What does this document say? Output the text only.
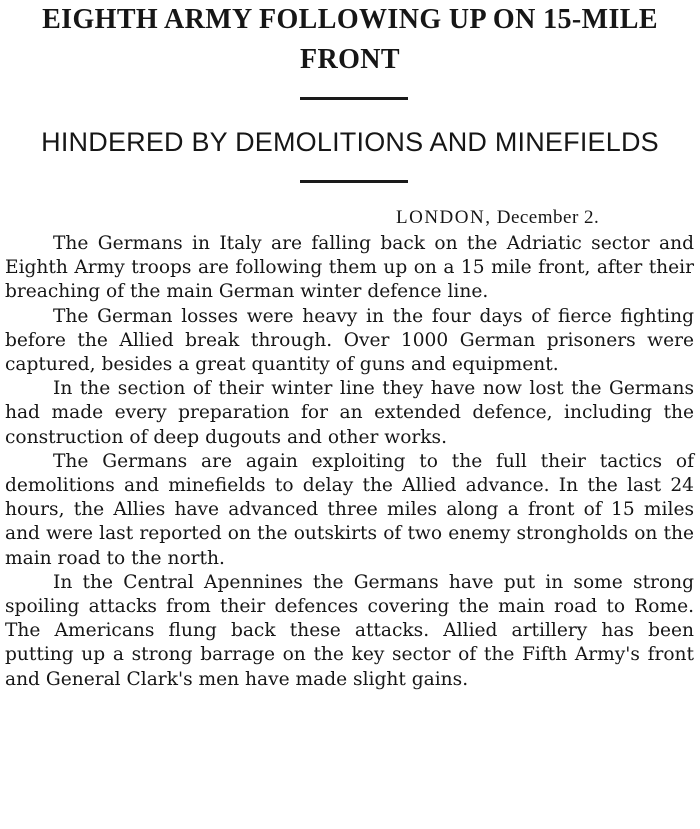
EIGHTH ARMY FOLLOWING UP ON 15-MILE FRONT
HINDERED BY DEMOLITIONS AND MINEFIELDS
LONDON, December 2.

The Germans in Italy are falling back on the Adriatic sector and Eighth Army troops are following them up on a 15 mile front, after their breaching of the main German winter defence line.

The German losses were heavy in the four days of fierce fighting before the Allied break through. Over 1000 German prisoners were captured, besides a great quantity of guns and equipment.

In the section of their winter line they have now lost the Germans had made every preparation for an extended defence, including the construction of deep dugouts and other works.

The Germans are again exploiting to the full their tactics of demolitions and minefields to delay the Allied advance. In the last 24 hours, the Allies have advanced three miles along a front of 15 miles and were last reported on the outskirts of two enemy strongholds on the main road to the north.

In the Central Apennines the Germans have put in some strong spoiling attacks from their defences covering the main road to Rome. The Americans flung back these attacks. Allied artillery has been putting up a strong barrage on the key sector of the Fifth Army's front and General Clark's men have made slight gains.
